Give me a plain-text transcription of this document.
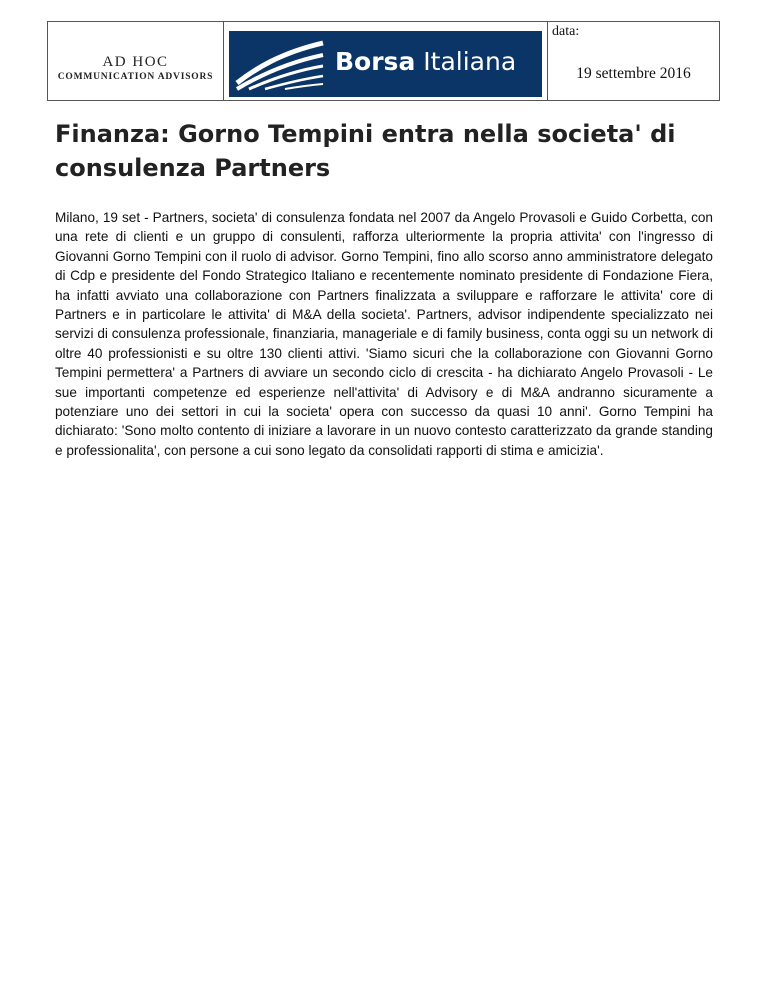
AD HOC
COMMUNICATION ADVISORS
Borsa Italiana
data:
19 settembre 2016
Finanza: Gorno Tempini entra nella societa' di consulenza Partners

Milano, 19 set - Partners, societa' di consulenza fondata nel 2007 da Angelo Provasoli e Guido Corbetta, con una rete di clienti e un gruppo di consulenti, rafforza ulteriormente la propria attivita' con l'ingresso di Giovanni Gorno Tempini con il ruolo di advisor. Gorno Tempini, fino allo scorso anno amministratore delegato di Cdp e presidente del Fondo Strategico Italiano e recentemente nominato presidente di Fondazione Fiera, ha infatti avviato una collaborazione con Partners finalizzata a sviluppare e rafforzare le attivita' core di Partners e in particolare le attivita' di M&A della societa'. Partners, advisor indipendente specializzato nei servizi di consulenza professionale, finanziaria, manageriale e di family business, conta oggi su un network di oltre 40 professionisti e su oltre 130 clienti attivi. 'Siamo sicuri che la collaborazione con Giovanni Gorno Tempini permettera' a Partners di avviare un secondo ciclo di crescita - ha dichiarato Angelo Provasoli - Le sue importanti competenze ed esperienze nell'attivita' di Advisory e di M&A andranno sicuramente a potenziare uno dei settori in cui la societa' opera con successo da quasi 10 anni'. Gorno Tempini ha dichiarato: 'Sono molto contento di iniziare a lavorare in un nuovo contesto caratterizzato da grande standing e professionalita', con persone a cui sono legato da consolidati rapporti di stima e amicizia'.
